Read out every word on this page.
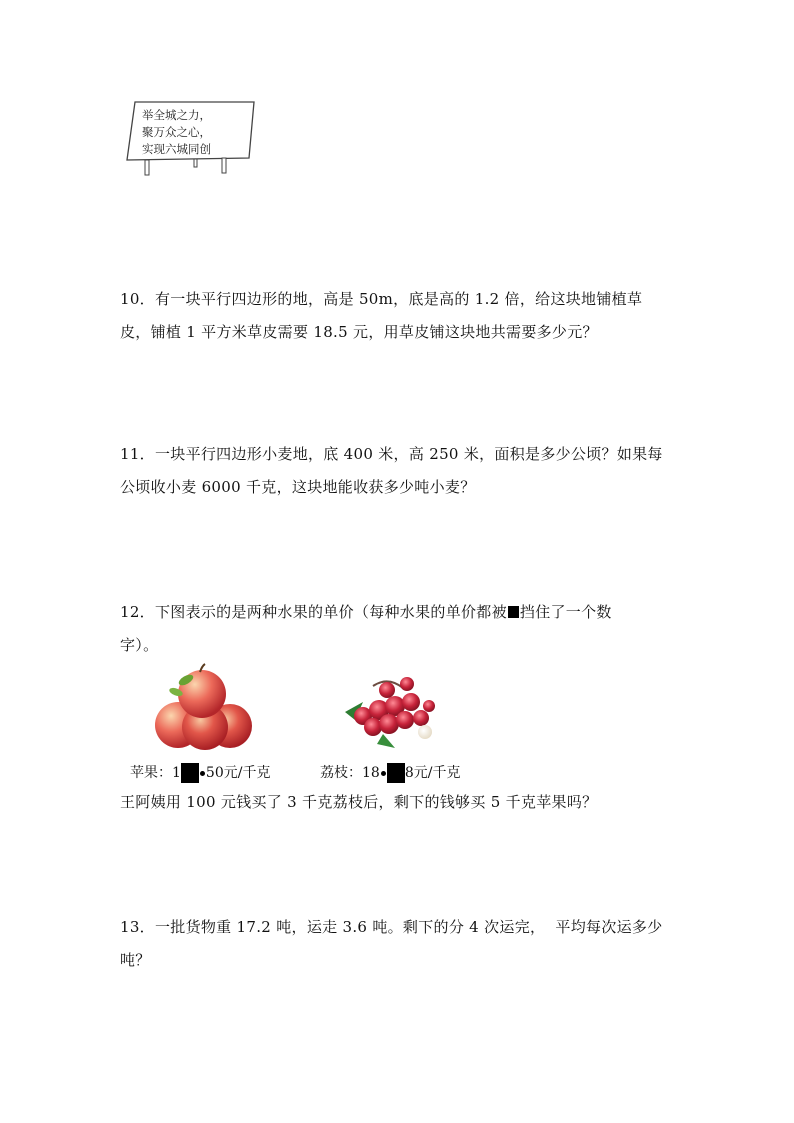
举全城之力，
聚万众之心，
实现六城同创
10．有一块平行四边形的地，高是 50m，底是高的 1.2 倍，给这块地铺植草
皮，铺植 1 平方米草皮需要 18.5 元，用草皮铺这块地共需要多少元？
11．一块平行四边形小麦地，底 400 米，高 250 米，面积是多少公顷？如果每
公顷收小麦 6000 千克，这块地能收获多少吨小麦？
12．下图表示的是两种水果的单价（每种水果的单价都被 挡住了一个数
字）。
苹果：1 50元/千克	荔枝：18 8元/千克
王阿姨用 100 元钱买了 3 千克荔枝后，剩下的钱够买 5 千克苹果吗？
13．一批货物重 17.2 吨，运走 3.6 吨。剩下的分 4 次运完，  平均每次运多少
吨？
